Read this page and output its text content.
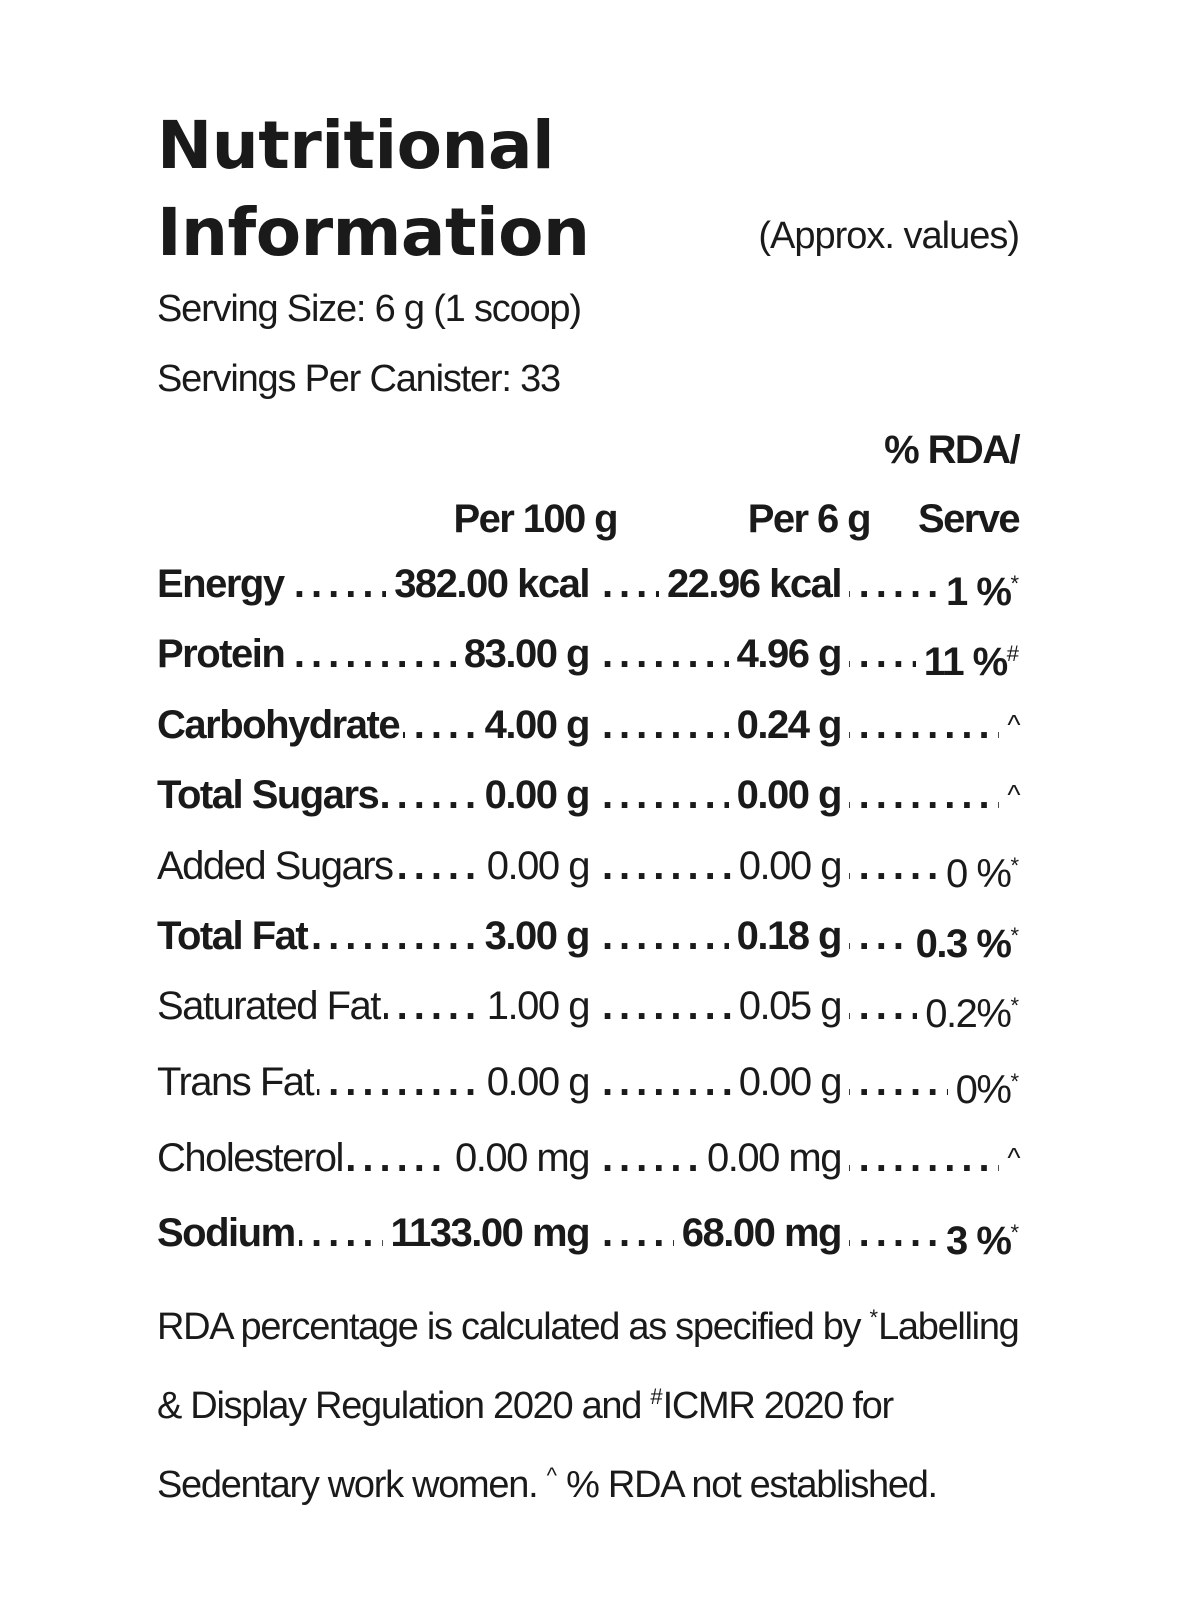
Nutritional
Information	(Approx. values)
Serving Size: 6 g (1 scoop)
Servings Per Canister: 33
% RDA/
Per 100 g	Per 6 g Serve
Energy	382.00 kcal 22.96 kcal	1 %*
Protein	83.00 g	4.96 g 11 %#
Carbohydrate 4.00 g	0.24 g	^
Total Sugars	0.00 g	0.00 g	^
Added Sugars 0.00 g	0.00 g	0 %*
Total Fat	3.00 g	0.18 g 0.3 %*
Saturated Fat	1.00 g	0.05 g 0.2%*
Trans Fat	0.00 g	0.00 g	0%*
Cholesterol	0.00 mg	0.00 mg	^
Sodium 1133.00 mg 68.00 mg	3 %*

RDA percentage is calculated as specified by *Labelling & Display Regulation 2020 and #ICMR 2020 for Sedentary work women. ^ % RDA not established.
